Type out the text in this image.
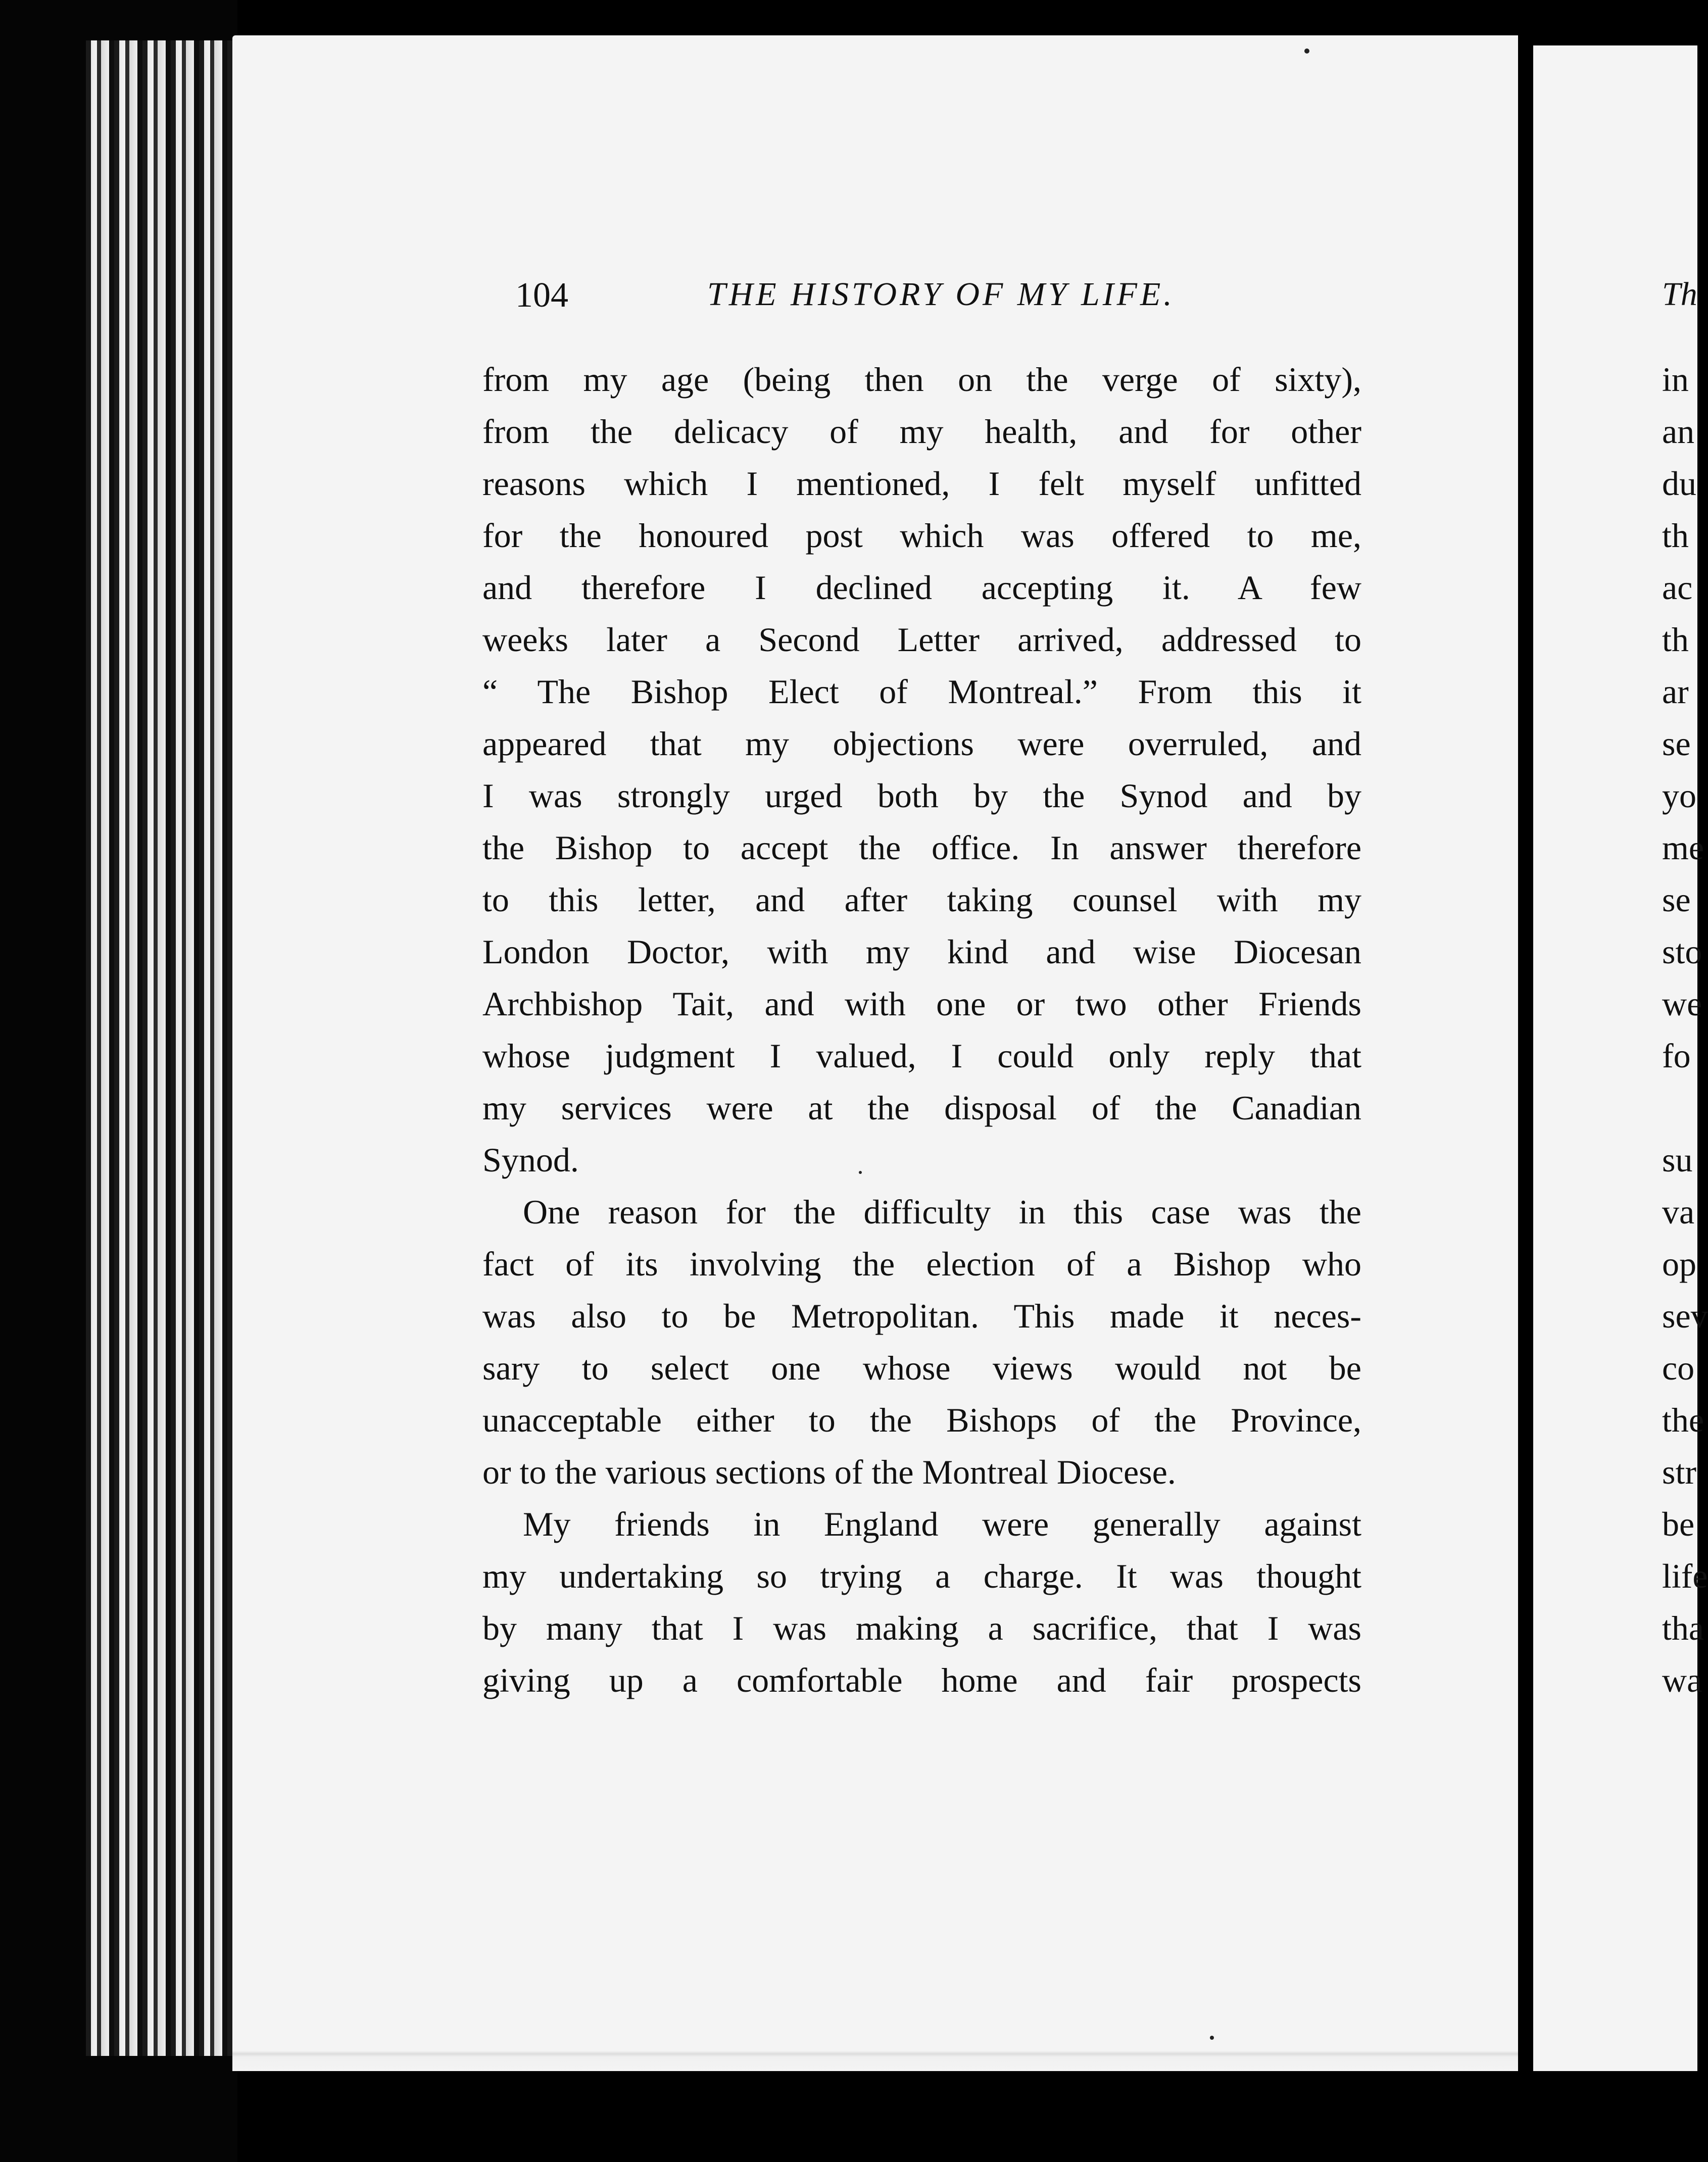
104	THE HISTORY OF MY LIFE.
from my age (being then on the verge of sixty),
from the delicacy of my health, and for other
reasons which I mentioned, I felt myself unfitted
for the honoured post which was offered to me,
and therefore I declined accepting it. A few
weeks later a Second Letter arrived, addressed to
“ The Bishop Elect of Montreal.” From this it
appeared that my objections were overruled, and
I was strongly urged both by the Synod and by
the Bishop to accept the office. In answer therefore
to this letter, and after taking counsel with my
London Doctor, with my kind and wise Diocesan
Archbishop Tait, and with one or two other Friends
whose judgment I valued, I could only reply that
my services were at the disposal of the Canadian
Synod.
One reason for the difficulty in this case was the
fact of its involving the election of a Bishop who
was also to be Metropolitan. This made it neces-
sary to select one whose views would not be
unacceptable either to the Bishops of the Province,
or to the various sections of the Montreal Diocese.
My friends in England were generally against
my undertaking so trying a charge. It was thought
by many that I was making a sacrifice, that I was
giving up a comfortable home and fair prospects
Th
in
an
du
th
ac
th
ar
se
yo
me
se
sto
we
fo
su
va
op
sev
co
the
str
be
life
tha
wa
